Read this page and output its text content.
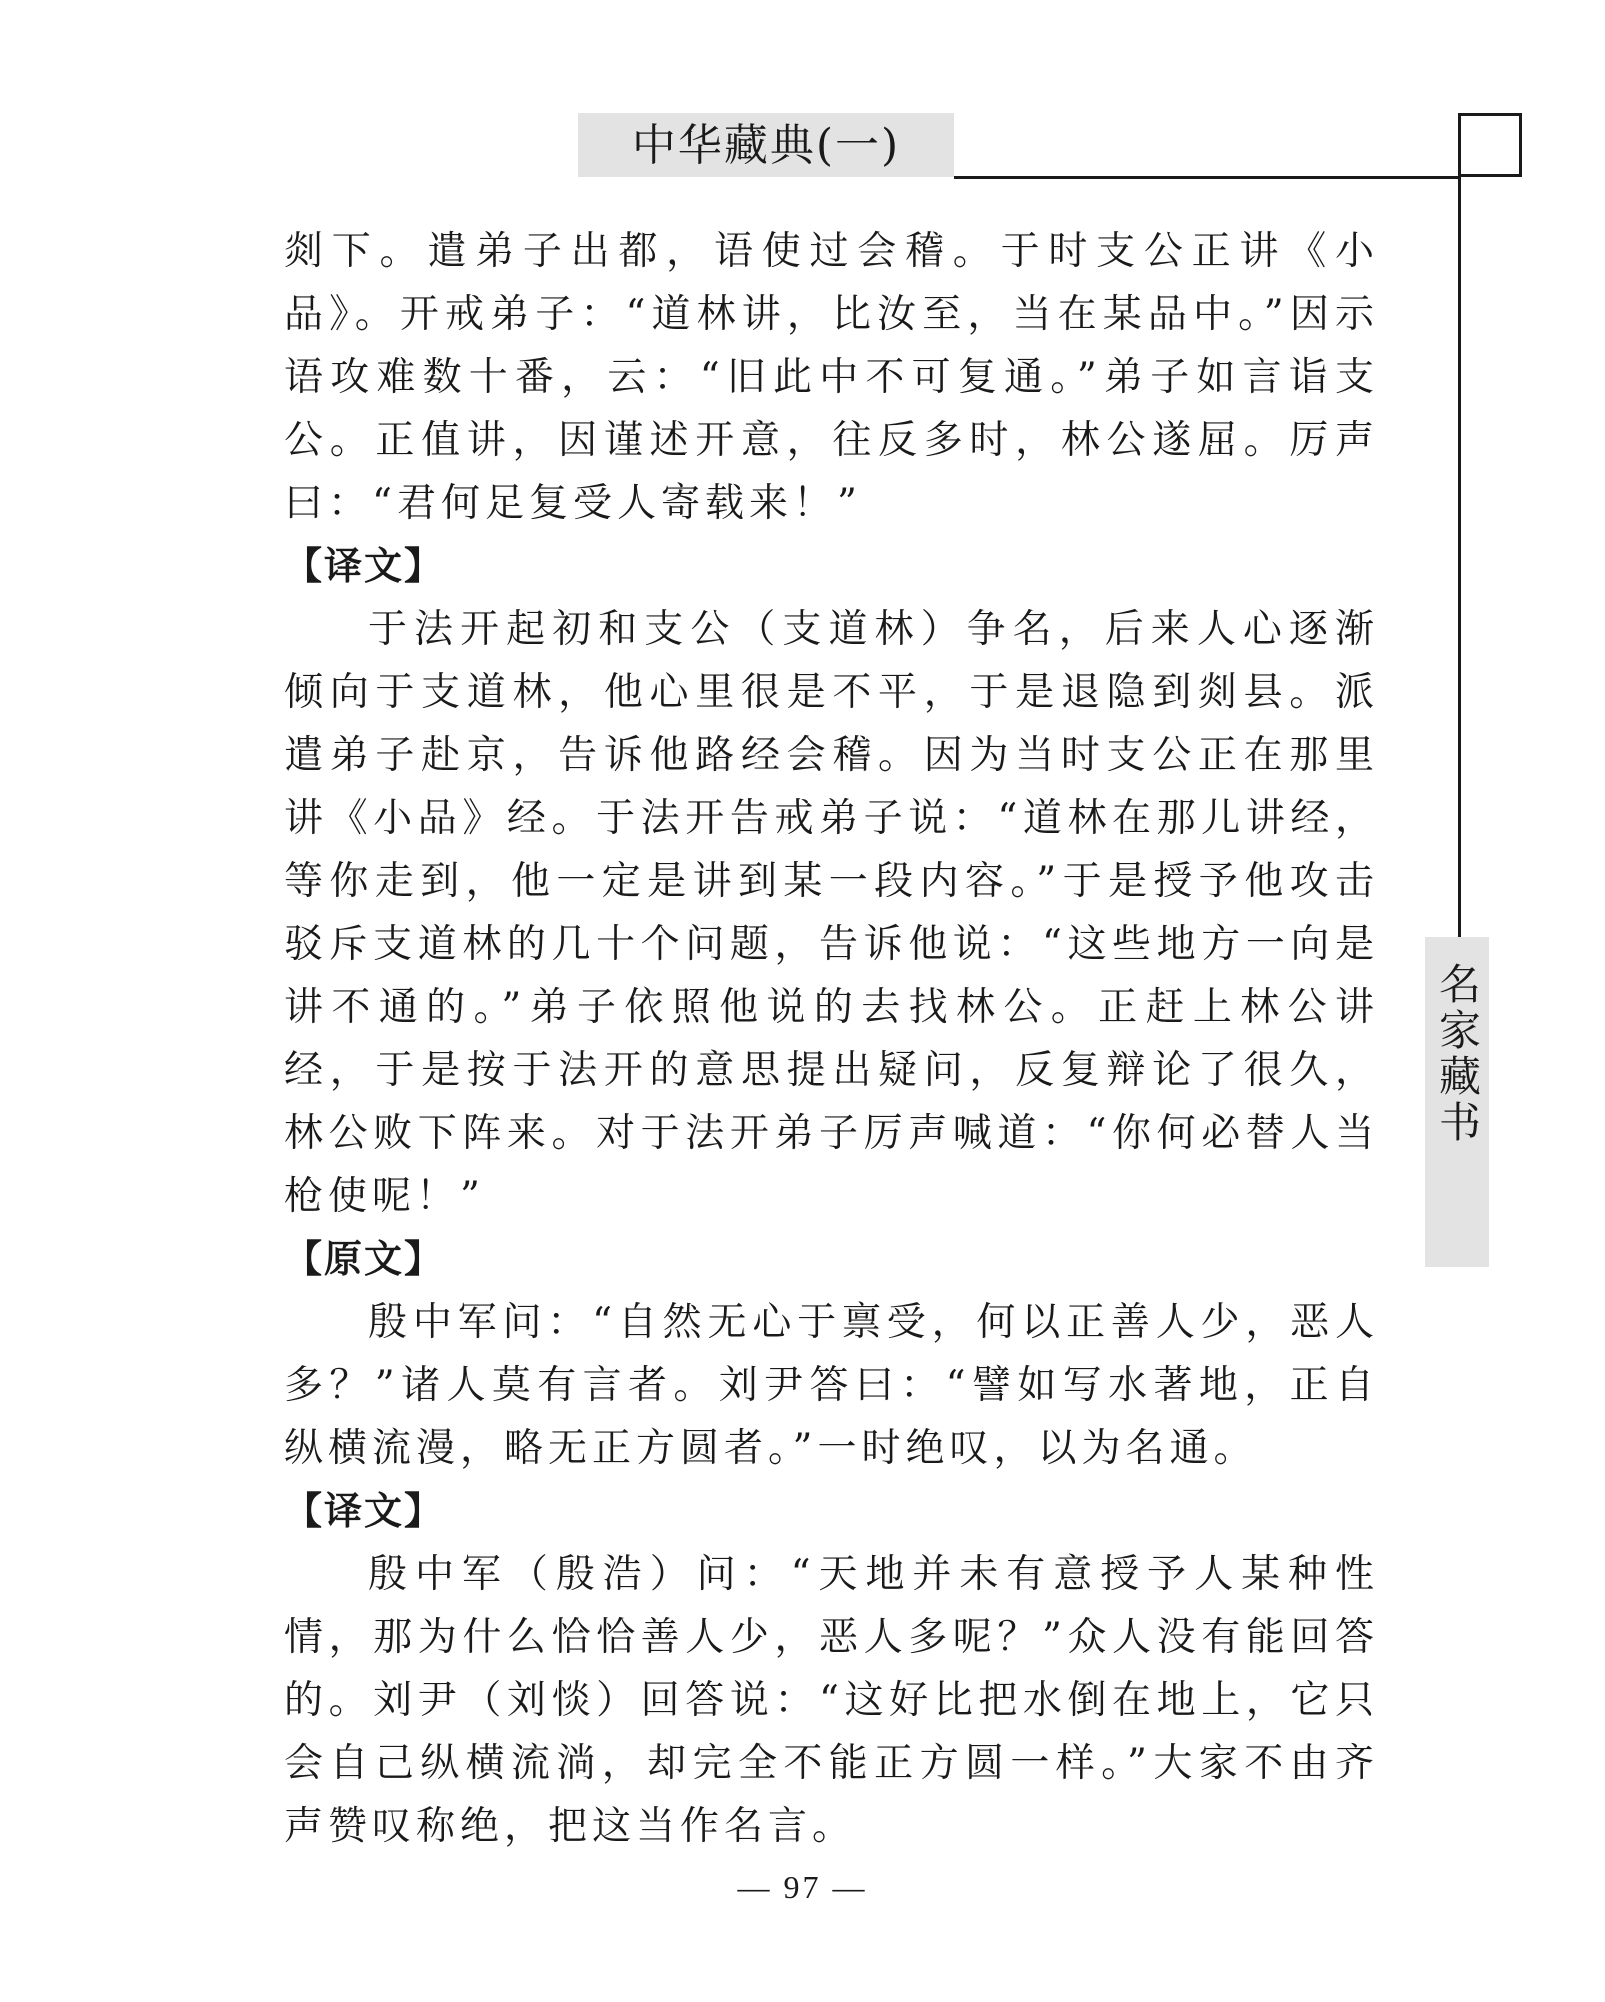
中华藏典(一)
名家藏书

剡下。遣弟子出都，语使过会稽。于时支公正讲《小品》。开戒弟子：“道林讲，比汝至，当在某品中。”因示语攻难数十番，云：“旧此中不可复通。”弟子如言诣支公。正值讲，因谨述开意，往反多时，林公遂屈。厉声曰：“君何足复受人寄载来！”

【译文】

于法开起初和支公（支道林）争名，后来人心逐渐倾向于支道林，他心里很是不平，于是退隐到剡县。派遣弟子赴京，告诉他路经会稽。因为当时支公正在那里讲《小品》经。于法开告戒弟子说：“道林在那儿讲经，等你走到，他一定是讲到某一段内容。”于是授予他攻击驳斥支道林的几十个问题，告诉他说：“这些地方一向是讲不通的。”弟子依照他说的去找林公。正赶上林公讲经，于是按于法开的意思提出疑问，反复辩论了很久，林公败下阵来。对于法开弟子厉声喊道：“你何必替人当枪使呢！”

【原文】

殷中军问：“自然无心于禀受，何以正善人少，恶人多？”诸人莫有言者。刘尹答曰：“譬如写水著地，正自纵横流漫，略无正方圆者。”一时绝叹，以为名通。

【译文】

殷中军（殷浩）问：“天地并未有意授予人某种性情，那为什么恰恰善人少，恶人多呢？”众人没有能回答的。刘尹（刘惔）回答说：“这好比把水倒在地上，它只会自己纵横流淌，却完全不能正方圆一样。”大家不由齐声赞叹称绝，把这当作名言。

— 97 —
